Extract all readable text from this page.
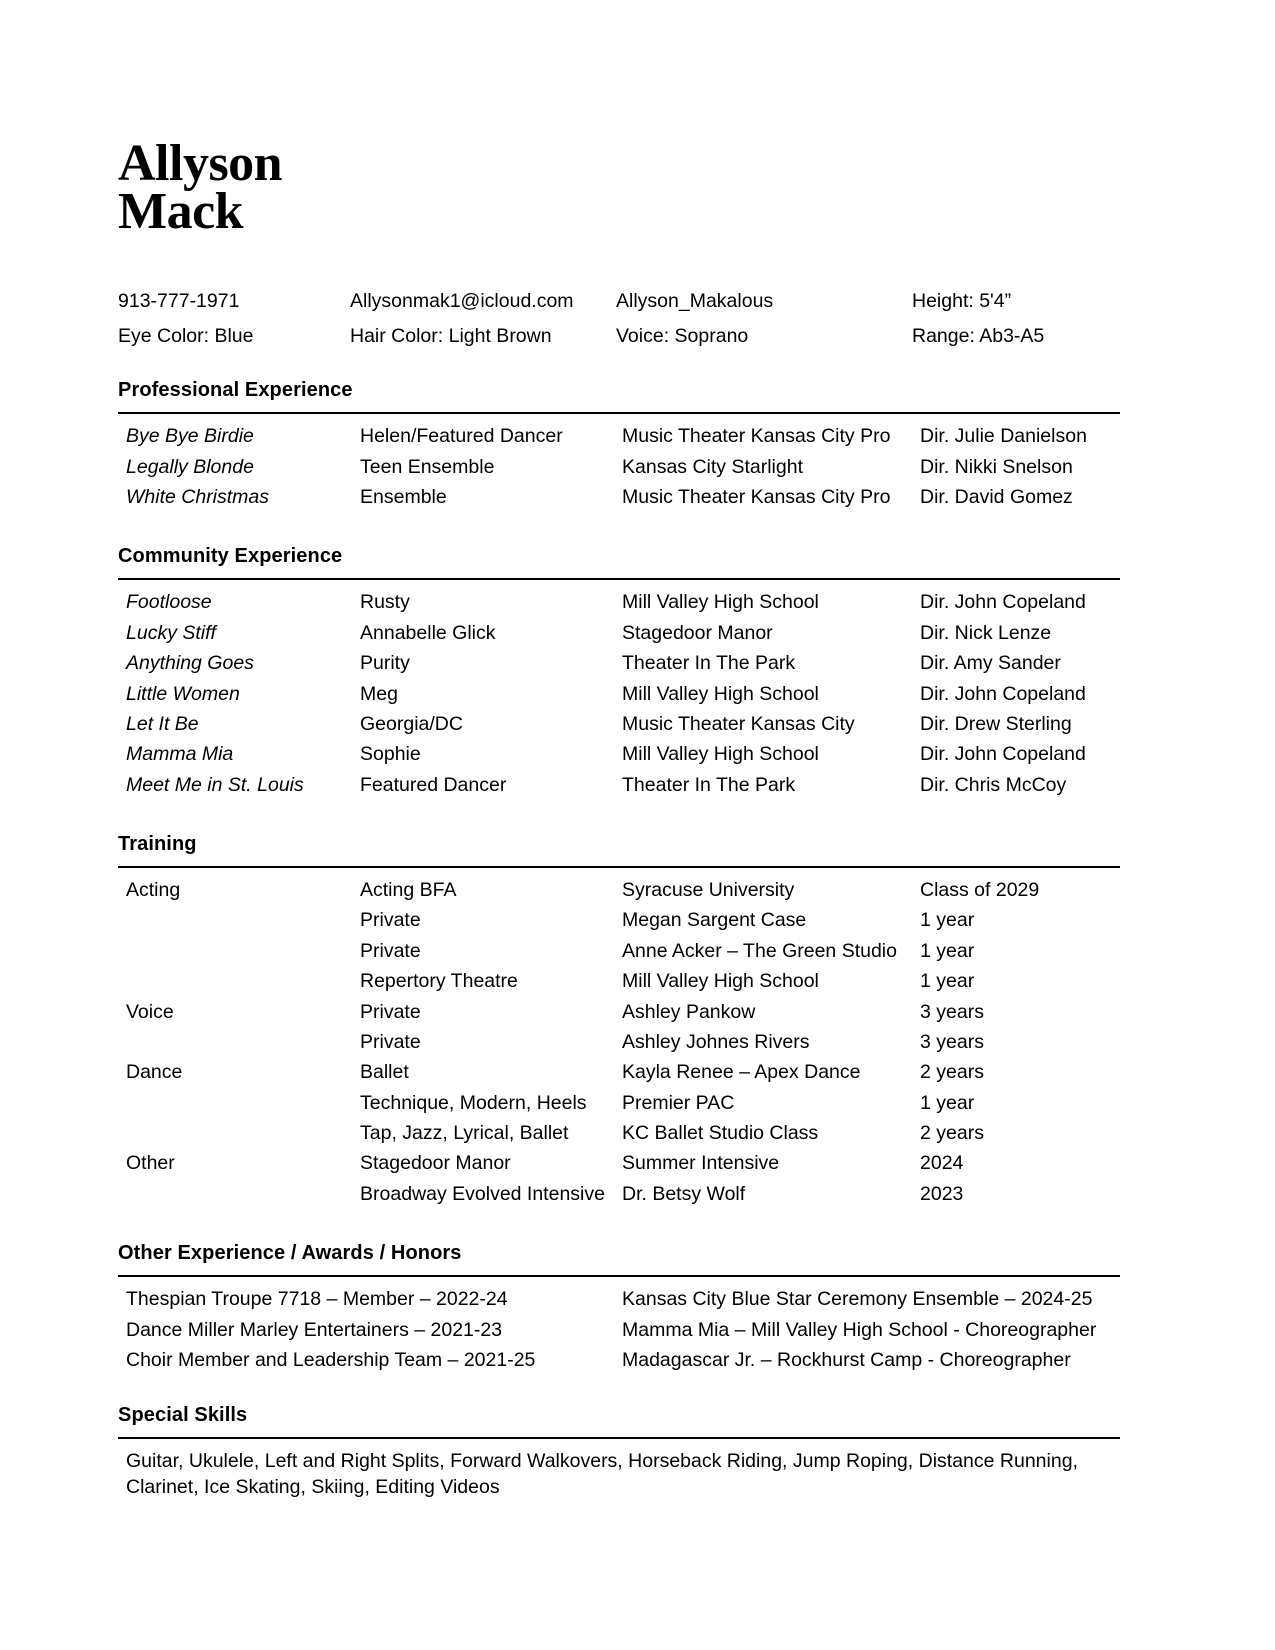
Allyson
Mack
913-777-1971	Allysonmak1@icloud.com	Allyson_Makalous	Height: 5'4”
Eye Color: Blue	Hair Color: Light Brown	Voice: Soprano	Range: Ab3-A5
Professional Experience
Bye Bye Birdie	Helen/Featured Dancer	Music Theater Kansas City Pro	Dir. Julie Danielson
Legally Blonde	Teen Ensemble	Kansas City Starlight	Dir. Nikki Snelson
White Christmas	Ensemble	Music Theater Kansas City Pro	Dir. David Gomez
Community Experience
Footloose	Rusty	Mill Valley High School	Dir. John Copeland
Lucky Stiff	Annabelle Glick	Stagedoor Manor	Dir. Nick Lenze
Anything Goes	Purity	Theater In The Park	Dir. Amy Sander
Little Women	Meg	Mill Valley High School	Dir. John Copeland
Let It Be	Georgia/DC	Music Theater Kansas City	Dir. Drew Sterling
Mamma Mia	Sophie	Mill Valley High School	Dir. John Copeland
Meet Me in St. Louis	Featured Dancer	Theater In The Park	Dir. Chris McCoy
Training
Acting	Acting BFA	Syracuse University	Class of 2029
	Private	Megan Sargent Case	1 year
	Private	Anne Acker – The Green Studio	1 year
	Repertory Theatre	Mill Valley High School	1 year
Voice	Private	Ashley Pankow	3 years
	Private	Ashley Johnes Rivers	3 years
Dance	Ballet	Kayla Renee – Apex Dance	2 years
	Technique, Modern, Heels	Premier PAC	1 year
	Tap, Jazz, Lyrical, Ballet	KC Ballet Studio Class	2 years
Other	Stagedoor Manor	Summer Intensive	2024
	Broadway Evolved Intensive	Dr. Betsy Wolf	2023
Other Experience / Awards / Honors
Thespian Troupe 7718 – Member – 2022-24	Kansas City Blue Star Ceremony Ensemble – 2024-25
Dance Miller Marley Entertainers – 2021-23	Mamma Mia – Mill Valley High School - Choreographer
Choir Member and Leadership Team – 2021-25	Madagascar Jr. – Rockhurst Camp - Choreographer
Special Skills
Guitar, Ukulele, Left and Right Splits, Forward Walkovers, Horseback Riding, Jump Roping, Distance Running, Clarinet, Ice Skating, Skiing, Editing Videos
